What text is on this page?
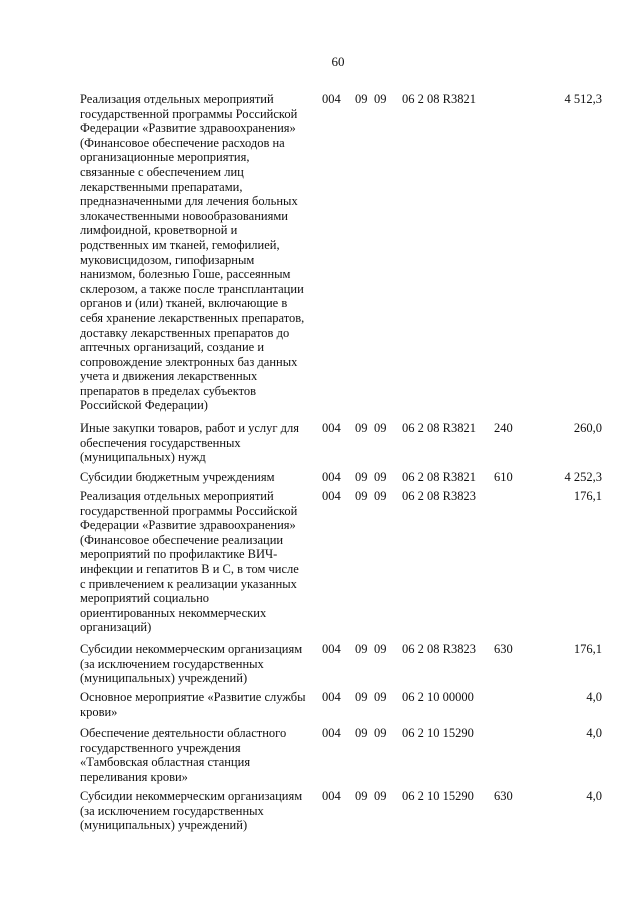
60
Реализация отдельных мероприятий
государственной программы Российской
Федерации «Развитие здравоохранения»
(Финансовое обеспечение расходов на
организационные мероприятия,
связанные с обеспечением лиц
лекарственными препаратами,
предназначенными для лечения больных
злокачественными новообразованиями
лимфоидной, кроветворной и
родственных им тканей, гемофилией,
муковисцидозом, гипофизарным
нанизмом, болезнью Гоше, рассеянным
склерозом, а также после трансплантации
органов и (или) тканей, включающие в
себя хранение лекарственных препаратов,
доставку лекарственных препаратов до
аптечных организаций, создание и
сопровождение электронных баз данных
учета и движения лекарственных
препаратов в пределах субъектов
Российской Федерации)
004 09 09 06 2 08 R3821	4 512,3
Иные закупки товаров, работ и услуг для
обеспечения государственных
(муниципальных) нужд
004 09 09 06 2 08 R3821 240	260,0
Субсидии бюджетным учреждениям	004 09 09 06 2 08 R3821 610	4 252,3
Реализация отдельных мероприятий
государственной программы Российской
Федерации «Развитие здравоохранения»
(Финансовое обеспечение реализации
мероприятий по профилактике ВИЧ-
инфекции и гепатитов В и С, в том числе
с привлечением к реализации указанных
мероприятий социально
ориентированных некоммерческих
организаций)
004 09 09 06 2 08 R3823	176,1
Субсидии некоммерческим организациям
(за исключением государственных
(муниципальных) учреждений)
004 09 09 06 2 08 R3823 630	176,1
Основное мероприятие «Развитие службы
крови»
004 09 09 06 2 10 00000	4,0
Обеспечение деятельности областного
государственного учреждения
«Тамбовская областная станция
переливания крови»
004 09 09 06 2 10 15290	4,0
Субсидии некоммерческим организациям
(за исключением государственных
(муниципальных) учреждений)
004 09 09 06 2 10 15290 630	4,0
